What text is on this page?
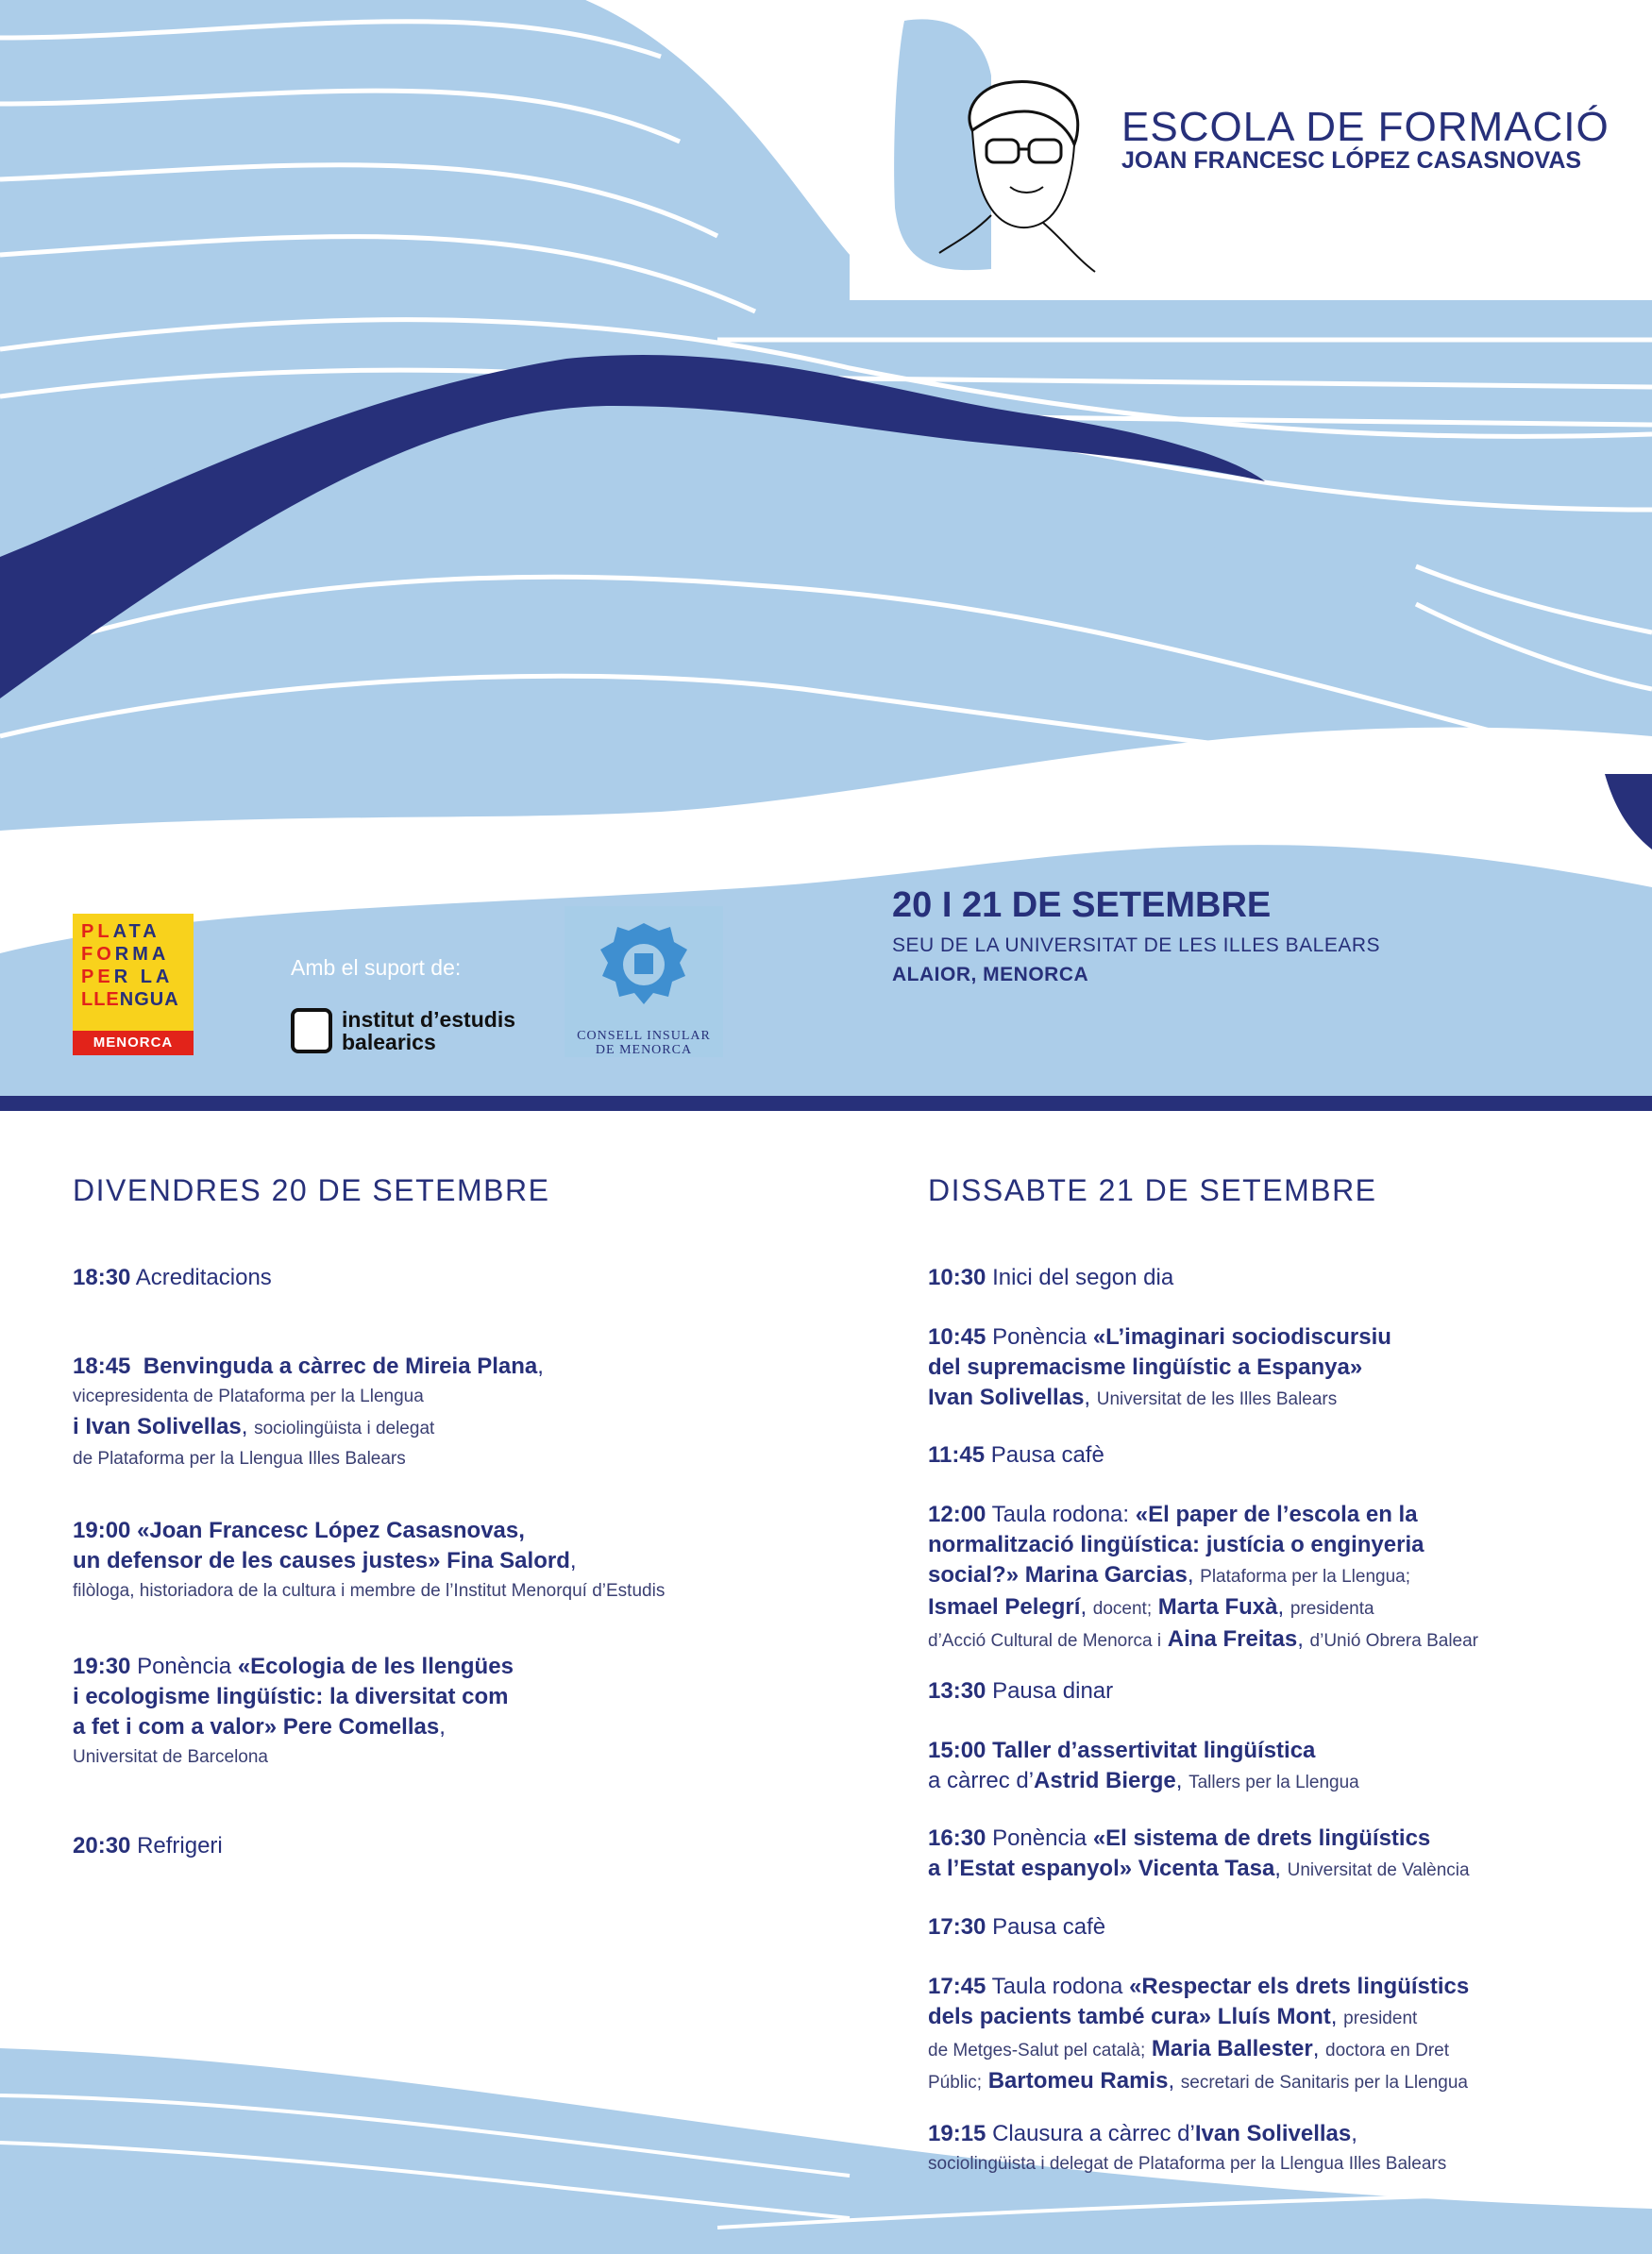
ESCOLA DE FORMACIÓ
JOAN FRANCESC LÓPEZ CASASNOVAS
20 I 21 DE SETEMBRE
SEU DE LA UNIVERSITAT DE LES ILLES BALEARS
ALAIOR, MENORCA
PLATA
FORMA
PER LA
LLENGUA
MENORCA
Amb el suport de:
institut d’estudis
balearics	CONSELL INSULAR
DE MENORCA
DIVENDRES 20 DE SETEMBRE
18:30 Acreditacions
18:45 Benvinguda a càrrec de Mireia Plana,
vicepresidenta de Plataforma per la Llengua
i Ivan Solivellas, sociolingüista i delegat
de Plataforma per la Llengua Illes Balears
19:00 «Joan Francesc López Casasnovas,
un defensor de les causes justes» Fina Salord,
filòloga, historiadora de la cultura i membre de l’Institut Menorquí d’Estudis
19:30 Ponència «Ecologia de les llengües
i ecologisme lingüístic: la diversitat com
a fet i com a valor» Pere Comellas,
Universitat de Barcelona
20:30 Refrigeri
DISSABTE 21 DE SETEMBRE
10:30 Inici del segon dia
10:45 Ponència «L’imaginari sociodiscursiu
del supremacisme lingüístic a Espanya»
Ivan Solivellas, Universitat de les Illes Balears
11:45 Pausa cafè
12:00 Taula rodona: «El paper de l’escola en la
normalització lingüística: justícia o enginyeria
social?» Marina Garcias, Plataforma per la Llengua;
Ismael Pelegrí, docent; Marta Fuxà, presidenta
d’Acció Cultural de Menorca i Aina Freitas, d’Unió Obrera Balear
13:30 Pausa dinar
15:00 Taller d’assertivitat lingüística
a càrrec d’Astrid Bierge, Tallers per la Llengua
16:30 Ponència «El sistema de drets lingüístics
a l’Estat espanyol» Vicenta Tasa, Universitat de València
17:30 Pausa cafè
17:45 Taula rodona «Respectar els drets lingüístics
dels pacients també cura» Lluís Mont, president
de Metges-Salut pel català; Maria Ballester, doctora en Dret
Públic; Bartomeu Ramis, secretari de Sanitaris per la Llengua
19:15 Clausura a càrrec d’Ivan Solivellas,
sociolingüista i delegat de Plataforma per la Llengua Illes Balears
